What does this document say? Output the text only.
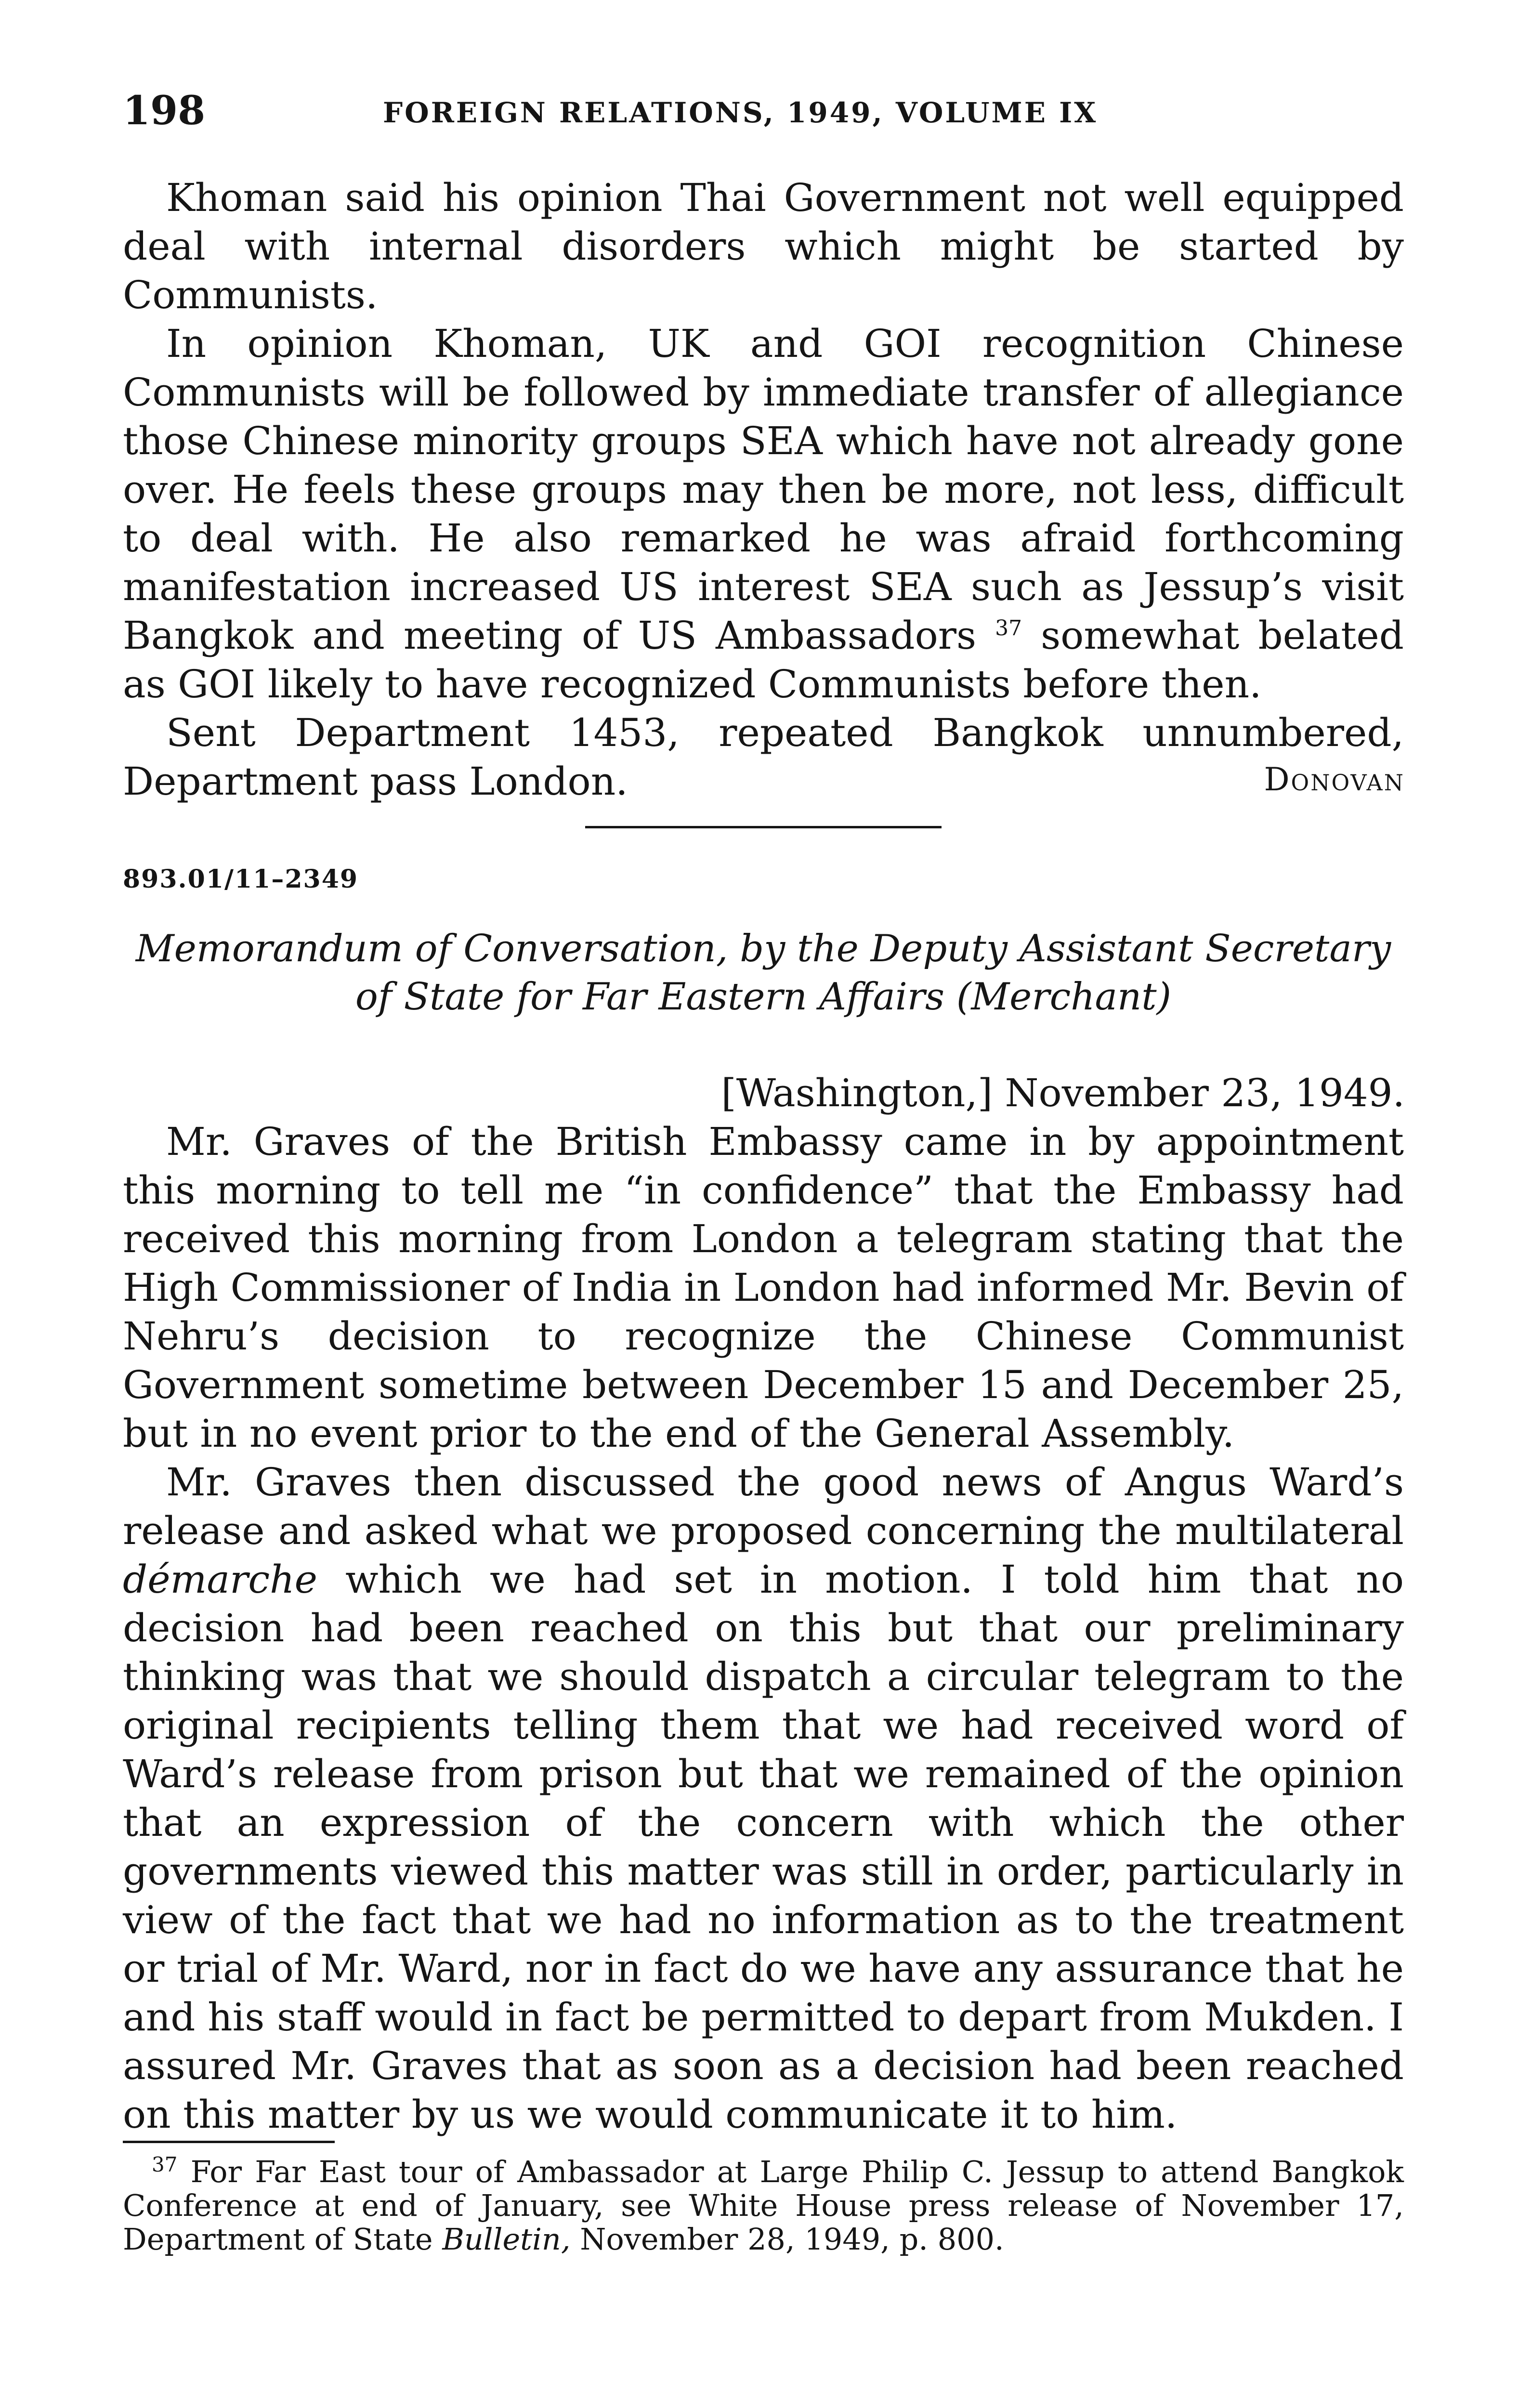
198	FOREIGN RELATIONS, 1949, VOLUME IX

Khoman said his opinion Thai Government not well equipped deal with internal disorders which might be started by Communists.

In opinion Khoman, UK and GOI recognition Chinese Communists will be followed by immediate transfer of allegiance those Chinese minority groups SEA which have not already gone over. He feels these groups may then be more, not less, difficult to deal with. He also remarked he was afraid forthcoming manifestation increased US interest SEA such as Jessup’s visit Bangkok and meeting of US Ambassadors $^{37}$ somewhat belated as GOI likely to have recognized Communists before then.

Sent Department 1453, repeated Bangkok unnumbered, Department pass London.	Donovan
893.01/11–2349
Memorandum of Conversation, by the Deputy Assistant Secretary of State for Far Eastern Affairs (Merchant)
[Washington,] November 23, 1949.

Mr. Graves of the British Embassy came in by appointment this morning to tell me “in confidence” that the Embassy had received this morning from London a telegram stating that the High Commissioner of India in London had informed Mr. Bevin of Nehru’s decision to recognize the Chinese Communist Government sometime between December 15 and December 25, but in no event prior to the end of the General Assembly.

Mr. Graves then discussed the good news of Angus Ward’s release and asked what we proposed concerning the multilateral démarche which we had set in motion. I told him that no decision had been reached on this but that our preliminary thinking was that we should dispatch a circular telegram to the original recipients telling them that we had received word of Ward’s release from prison but that we remained of the opinion that an expression of the concern with which the other governments viewed this matter was still in order, particularly in view of the fact that we had no information as to the treatment or trial of Mr. Ward, nor in fact do we have any assurance that he and his staff would in fact be permitted to depart from Mukden. I assured Mr. Graves that as soon as a decision had been reached on this matter by us we would communicate it to him.

$^{37}$ For Far East tour of Ambassador at Large Philip C. Jessup to attend Bangkok Conference at end of January, see White House press release of November 17, Department of State Bulletin, November 28, 1949, p. 800.
